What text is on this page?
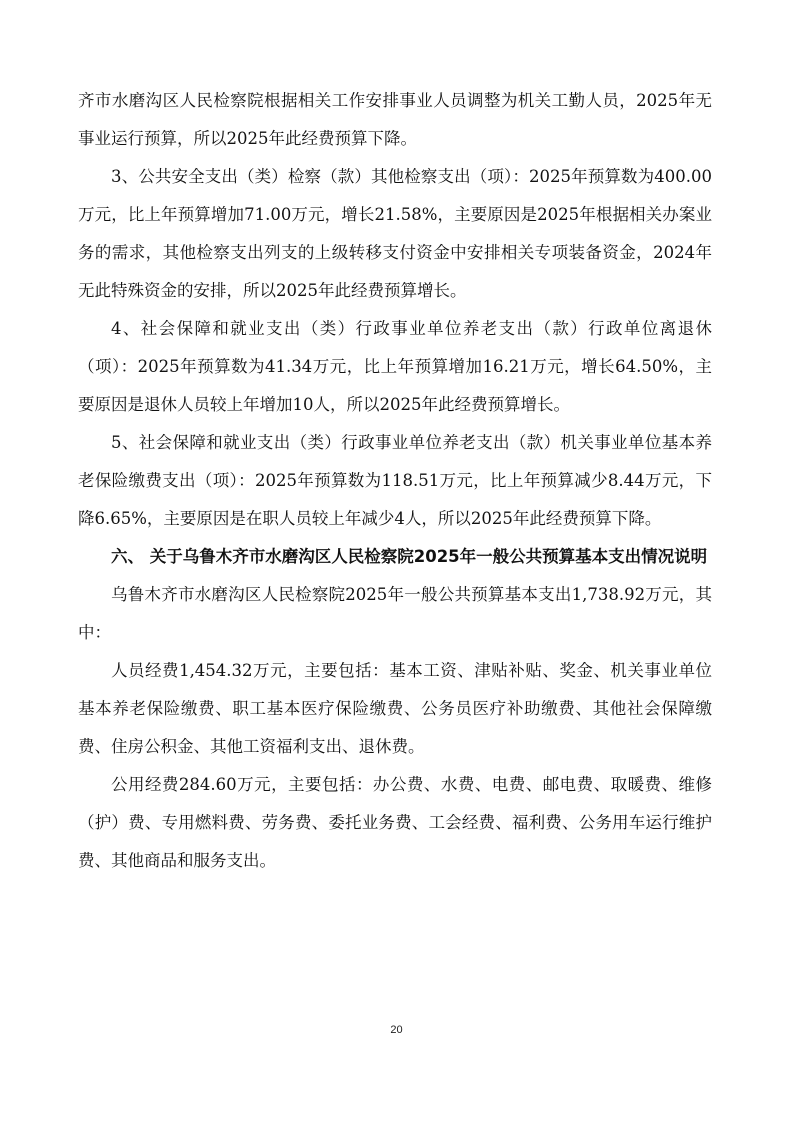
齐市水磨沟区人民检察院根据相关工作安排事业人员调整为机关工勤人员，2025年无事业运行预算，所以2025年此经费预算下降。

3、公共安全支出（类）检察（款）其他检察支出（项）：2025年预算数为400.00万元，比上年预算增加71.00万元，增长21.58%，主要原因是2025年根据相关办案业务的需求，其他检察支出列支的上级转移支付资金中安排相关专项装备资金，2024年无此特殊资金的安排，所以2025年此经费预算增长。

4、社会保障和就业支出（类）行政事业单位养老支出（款）行政单位离退休（项）：2025年预算数为41.34万元，比上年预算增加16.21万元，增长64.50%，主要原因是退休人员较上年增加10人，所以2025年此经费预算增长。

5、社会保障和就业支出（类）行政事业单位养老支出（款）机关事业单位基本养老保险缴费支出（项）：2025年预算数为118.51万元，比上年预算减少8.44万元，下降6.65%，主要原因是在职人员较上年减少4人，所以2025年此经费预算下降。

六、 关于乌鲁木齐市水磨沟区人民检察院2025年一般公共预算基本支出情况说明

乌鲁木齐市水磨沟区人民检察院2025年一般公共预算基本支出1,738.92万元，其中：

人员经费1,454.32万元，主要包括：基本工资、津贴补贴、奖金、机关事业单位基本养老保险缴费、职工基本医疗保险缴费、公务员医疗补助缴费、其他社会保障缴费、住房公积金、其他工资福利支出、退休费。

公用经费284.60万元，主要包括：办公费、水费、电费、邮电费、取暖费、维修（护）费、专用燃料费、劳务费、委托业务费、工会经费、福利费、公务用车运行维护费、其他商品和服务支出。

20
